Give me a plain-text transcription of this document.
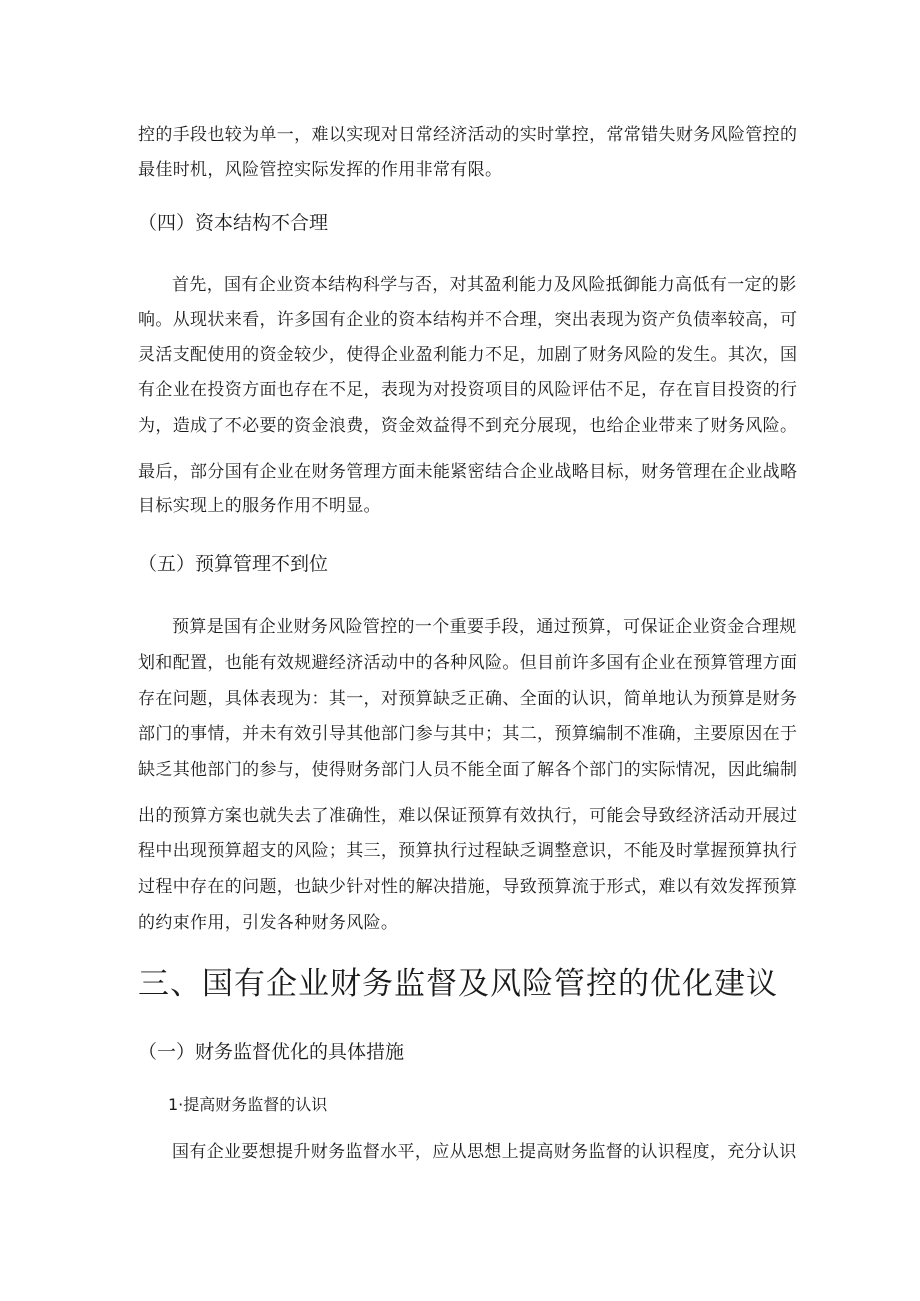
控的手段也较为单一，难以实现对日常经济活动的实时掌控，常常错失财务风险管控的
最佳时机，风险管控实际发挥的作用非常有限。
（四）资本结构不合理
首先，国有企业资本结构科学与否，对其盈利能力及风险抵御能力高低有一定的影
响。从现状来看，许多国有企业的资本结构并不合理，突出表现为资产负债率较高，可
灵活支配使用的资金较少，使得企业盈利能力不足，加剧了财务风险的发生。其次，国
有企业在投资方面也存在不足，表现为对投资项目的风险评估不足，存在盲目投资的行
为，造成了不必要的资金浪费，资金效益得不到充分展现，也给企业带来了财务风险。
最后，部分国有企业在财务管理方面未能紧密结合企业战略目标，财务管理在企业战略
目标实现上的服务作用不明显。
（五）预算管理不到位
预算是国有企业财务风险管控的一个重要手段，通过预算，可保证企业资金合理规
划和配置，也能有效规避经济活动中的各种风险。但目前许多国有企业在预算管理方面
存在问题，具体表现为：其一，对预算缺乏正确、全面的认识，简单地认为预算是财务
部门的事情，并未有效引导其他部门参与其中；其二，预算编制不准确，主要原因在于
缺乏其他部门的参与，使得财务部门人员不能全面了解各个部门的实际情况，因此编制
出的预算方案也就失去了准确性，难以保证预算有效执行，可能会导致经济活动开展过
程中出现预算超支的风险；其三，预算执行过程缺乏调整意识，不能及时掌握预算执行
过程中存在的问题，也缺少针对性的解决措施，导致预算流于形式，难以有效发挥预算
的约束作用，引发各种财务风险。
三、国有企业财务监督及风险管控的优化建议
（一）财务监督优化的具体措施
1·提高财务监督的认识
国有企业要想提升财务监督水平，应从思想上提高财务监督的认识程度，充分认识
